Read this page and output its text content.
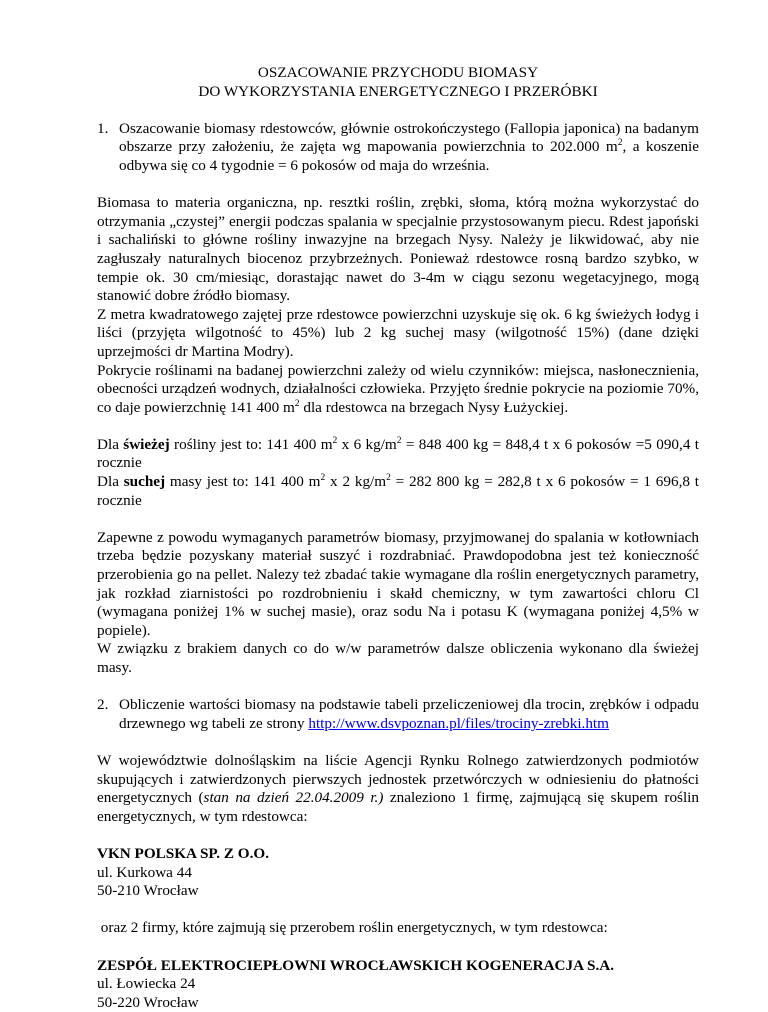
OSZACOWANIE PRZYCHODU BIOMASY
DO WYKORZYSTANIA ENERGETYCZNEGO I PRZERÓBKI
1. Oszacowanie biomasy rdestowców, głównie ostrokończystego (Fallopia japonica) na badanym obszarze przy założeniu, że zajęta wg mapowania powierzchnia to 202.000 $m^2$, a koszenie odbywa się co 4 tygodnie = 6 pokosów od maja do września.

Biomasa to materia organiczna, np. resztki roślin, zrębki, słoma, którą można wykorzystać do otrzymania „czystej” energii podczas spalania w specjalnie przystosowanym piecu. Rdest japoński i sachaliński to główne rośliny inwazyjne na brzegach Nysy. Należy je likwidować, aby nie zagłuszały naturalnych biocenoz przybrzeżnych. Ponieważ rdestowce rosną bardzo szybko, w tempie ok. 30 cm/miesiąc, dorastając nawet do 3-4m w ciągu sezonu wegetacyjnego, mogą stanowić dobre źródło biomasy.

Z metra kwadratowego zajętej prze rdestowce powierzchni uzyskuje się ok. 6 kg świeżych łodyg i liści (przyjęta wilgotność to 45%) lub 2 kg suchej masy (wilgotność 15%) (dane dzięki uprzejmości dr Martina Modry).

Pokrycie roślinami na badanej powierzchni zależy od wielu czynników: miejsca, nasłonecznienia, obecności urządzeń wodnych, działalności człowieka. Przyjęto średnie pokrycie na poziomie 70%, co daje powierzchnię 141 400 $m^2$ dla rdestowca na brzegach Nysy Łużyckiej.

Dla świeżej rośliny jest to: 141 400 $m^2$ x 6 $kg/m^2 = 848$ 400 kg = 848,4 t x 6 pokosów =5 090,4 t rocznie

Dla suchej masy jest to: 141 400 $m^2$ x 2 $kg/m^2 = 282$ 800 kg = 282,8 t x 6 pokosów = 1 696,8 t rocznie

Zapewne z powodu wymaganych parametrów biomasy, przyjmowanej do spalania w kotłowniach trzeba będzie pozyskany materiał suszyć i rozdrabniać. Prawdopodobna jest też konieczność przerobienia go na pellet. Nalezy też zbadać takie wymagane dla roślin energetycznych parametry, jak rozkład ziarnistości po rozdrobnieniu i skałd chemiczny, w tym zawartości chloru Cl (wymagana poniżej 1% w suchej masie), oraz sodu Na i potasu K (wymagana poniżej 4,5% w popiele).

W związku z brakiem danych co do w/w parametrów dalsze obliczenia wykonano dla świeżej masy.

2. Obliczenie wartości biomasy na podstawie tabeli przeliczeniowej dla trocin, zrębków i odpadu drzewnego wg tabeli ze strony http://www.dsvpoznan.pl/files/trociny-zrebki.htm

W województwie dolnośląskim na liście Agencji Rynku Rolnego zatwierdzonych podmiotów skupujących i zatwierdzonych pierwszych jednostek przetwórczych w odniesieniu do płatności energetycznych (stan na dzień 22.04.2009 r.) znaleziono 1 firmę, zajmującą się skupem roślin energetycznych, w tym rdestowca:

VKN POLSKA SP. Z O.O.
ul. Kurkowa 44
50-210 Wrocław

oraz 2 firmy, które zajmują się przerobem roślin energetycznych, w tym rdestowca:

ZESPÓŁ ELEKTROCIEPŁOWNI WROCŁAWSKICH KOGENERACJA S.A.
ul. Łowiecka 24
50-220 Wrocław
